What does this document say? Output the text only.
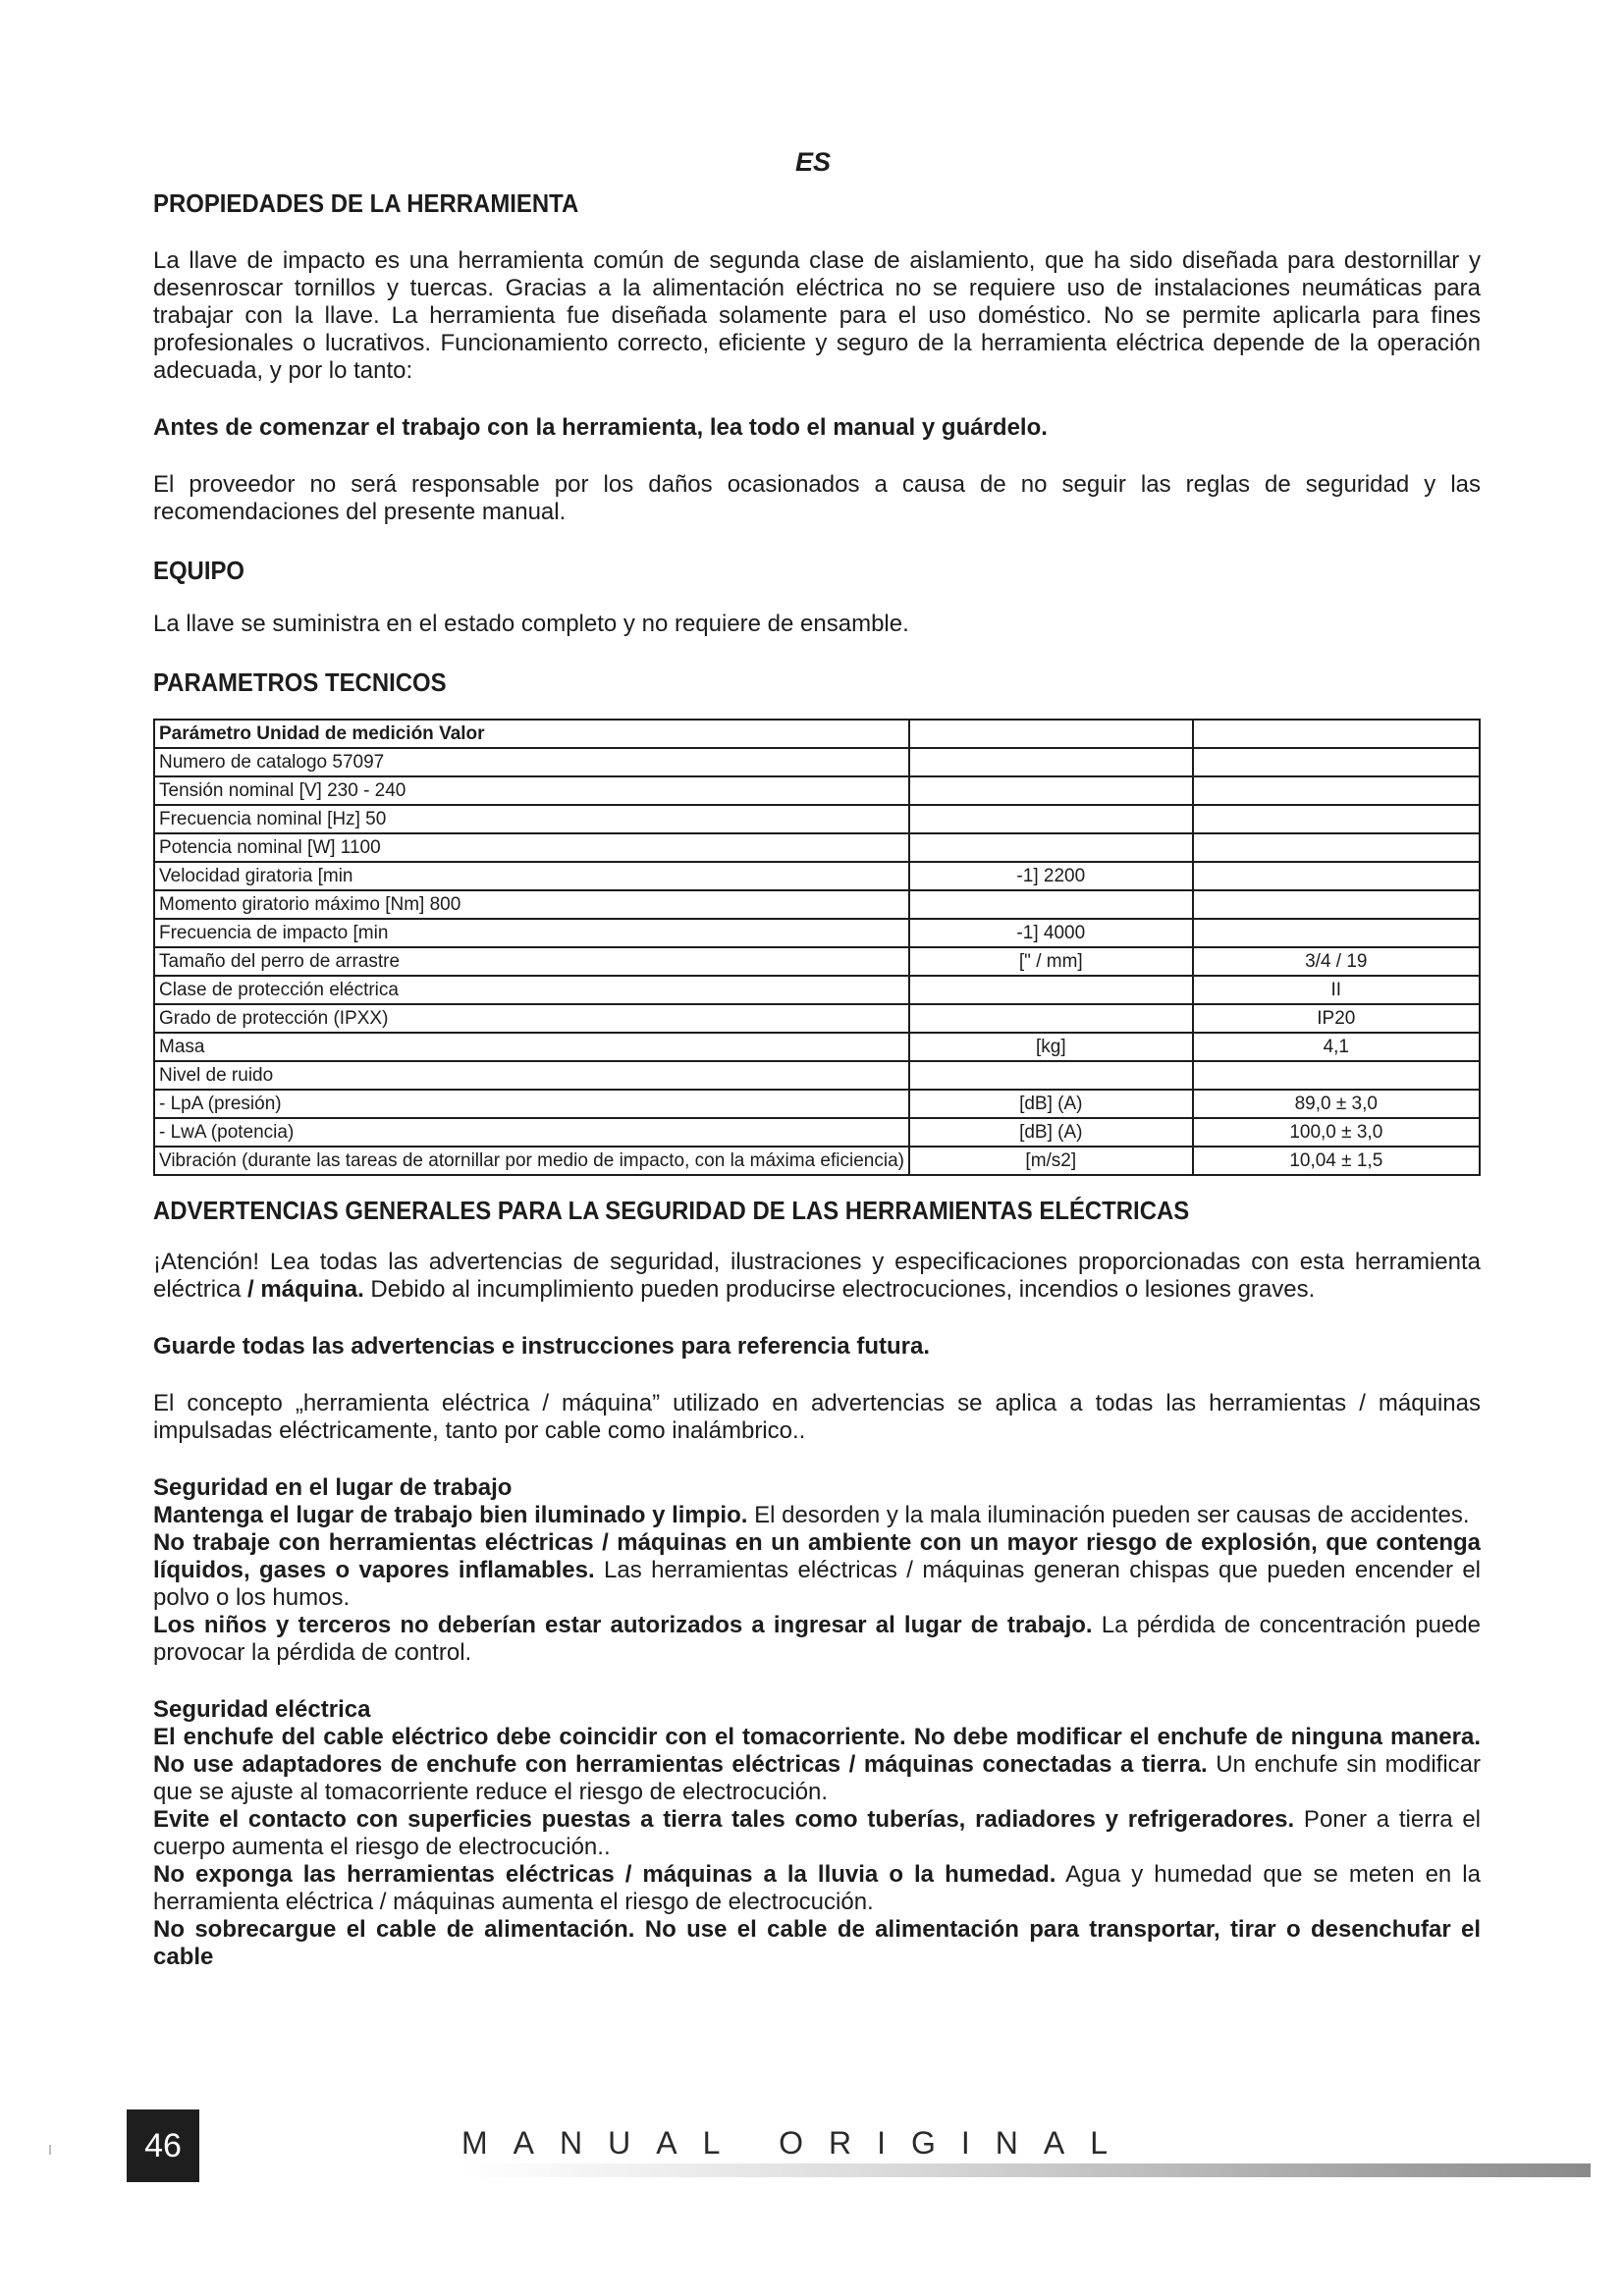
ES
PROPIEDADES DE LA HERRAMIENTA

La llave de impacto es una herramienta común de segunda clase de aislamiento, que ha sido diseñada para destornillar y desenroscar tornillos y tuercas. Gracias a la alimentación eléctrica no se requiere uso de instalaciones neumáticas para trabajar con la llave. La herramienta fue diseñada solamente para el uso doméstico. No se permite aplicarla para fines profesionales o lucrativos. Funcionamiento correcto, eficiente y seguro de la herramienta eléctrica depende de la operación adecuada, y por lo tanto:

Antes de comenzar el trabajo con la herramienta, lea todo el manual y guárdelo.

El proveedor no será responsable por los daños ocasionados a causa de no seguir las reglas de seguridad y las recomendaciones del presente manual.

EQUIPO

La llave se suministra en el estado completo y no requiere de ensamble.

PARAMETROS TECNICOS
Parámetro Unidad de medición Valor		
Numero de catalogo 57097		
Tensión nominal [V] 230 - 240		
Frecuencia nominal [Hz] 50		
Potencia nominal [W] 1100		
Velocidad giratoria [min	-1] 2200	
Momento giratorio máximo [Nm] 800		
Frecuencia de impacto [min	-1] 4000	
Tamaño del perro de arrastre	[" / mm]	3/4 / 19
Clase de protección eléctrica		II
Grado de protección (IPXX)		IP20
Masa	[kg]	4,1
Nivel de ruido		
- LpA (presión)	[dB] (A)	89,0 ± 3,0
- LwA (potencia)	[dB] (A)	100,0 ± 3,0
Vibración (durante las tareas de atornillar por medio de impacto, con la máxima eficiencia)	[m/s2]	10,04 ± 1,5
ADVERTENCIAS GENERALES PARA LA SEGURIDAD DE LAS HERRAMIENTAS ELÉCTRICAS

¡Atención! Lea todas las advertencias de seguridad, ilustraciones y especificaciones proporcionadas con esta herramienta eléctrica / máquina. Debido al incumplimiento pueden producirse electrocuciones, incendios o lesiones graves.

Guarde todas las advertencias e instrucciones para referencia futura.

El concepto „herramienta eléctrica / máquina” utilizado en advertencias se aplica a todas las herramientas / máquinas impulsadas eléctricamente, tanto por cable como inalámbrico..

Seguridad en el lugar de trabajo

Mantenga el lugar de trabajo bien iluminado y limpio. El desorden y la mala iluminación pueden ser causas de accidentes.

No trabaje con herramientas eléctricas / máquinas en un ambiente con un mayor riesgo de explosión, que contenga líquidos, gases o vapores inflamables. Las herramientas eléctricas / máquinas generan chispas que pueden encender el polvo o los humos.

Los niños y terceros no deberían estar autorizados a ingresar al lugar de trabajo. La pérdida de concentración puede provocar la pérdida de control.

Seguridad eléctrica

El enchufe del cable eléctrico debe coincidir con el tomacorriente. No debe modificar el enchufe de ninguna manera. No use adaptadores de enchufe con herramientas eléctricas / máquinas conectadas a tierra. Un enchufe sin modificar que se ajuste al tomacorriente reduce el riesgo de electrocución.

Evite el contacto con superficies puestas a tierra tales como tuberías, radiadores y refrigeradores. Poner a tierra el cuerpo aumenta el riesgo de electrocución..

No exponga las herramientas eléctricas / máquinas a la lluvia o la humedad. Agua y humedad que se meten en la herramienta eléctrica / máquinas aumenta el riesgo de electrocución.

No sobrecargue el cable de alimentación. No use el cable de alimentación para transportar, tirar o desenchufar el cable

46	MANUAL ORIGINAL
